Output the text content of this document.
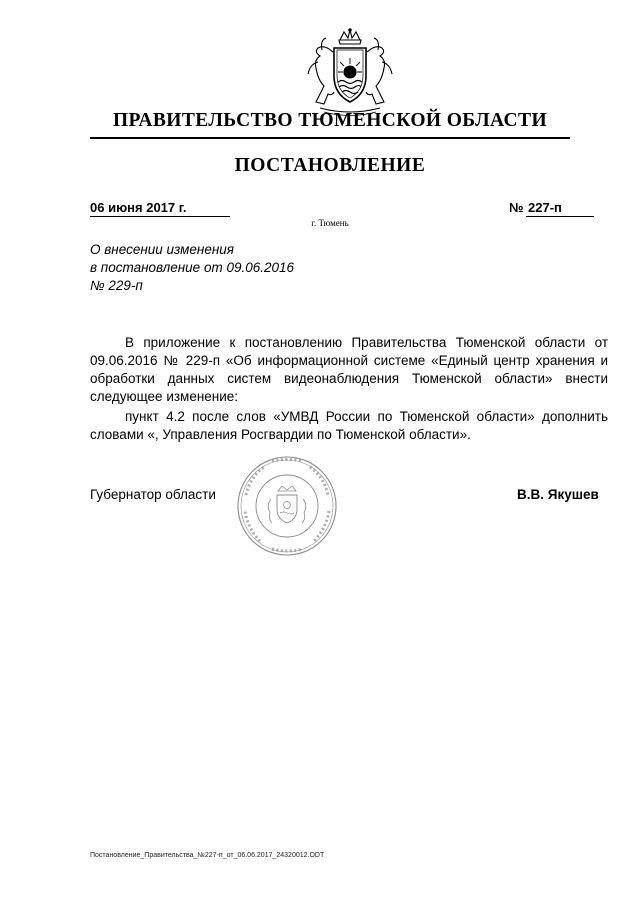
ПРАВИТЕЛЬСТВО ТЮМЕНСКОЙ ОБЛАСТИ
ПОСТАНОВЛЕНИЕ
06 июня 2017 г.	№ 227-п
г. Тюмень
О внесении изменения
в постановление от 09.06.2016
№ 229-п

В приложение к постановлению Правительства Тюменской области от 09.06.2016 № 229-п «Об информационной системе «Единый центр хранения и обработки данных систем видеонаблюдения Тюменской области» внести следующее изменение:

пункт 4.2 после слов «УМВД России по Тюменской области» дополнить словами «, Управления Росгвардии по Тюменской области».

Губернатор области	В.В. Якушев
Постановление_Правительства_№227-п_от_06.06.2017_24320012.ODT
